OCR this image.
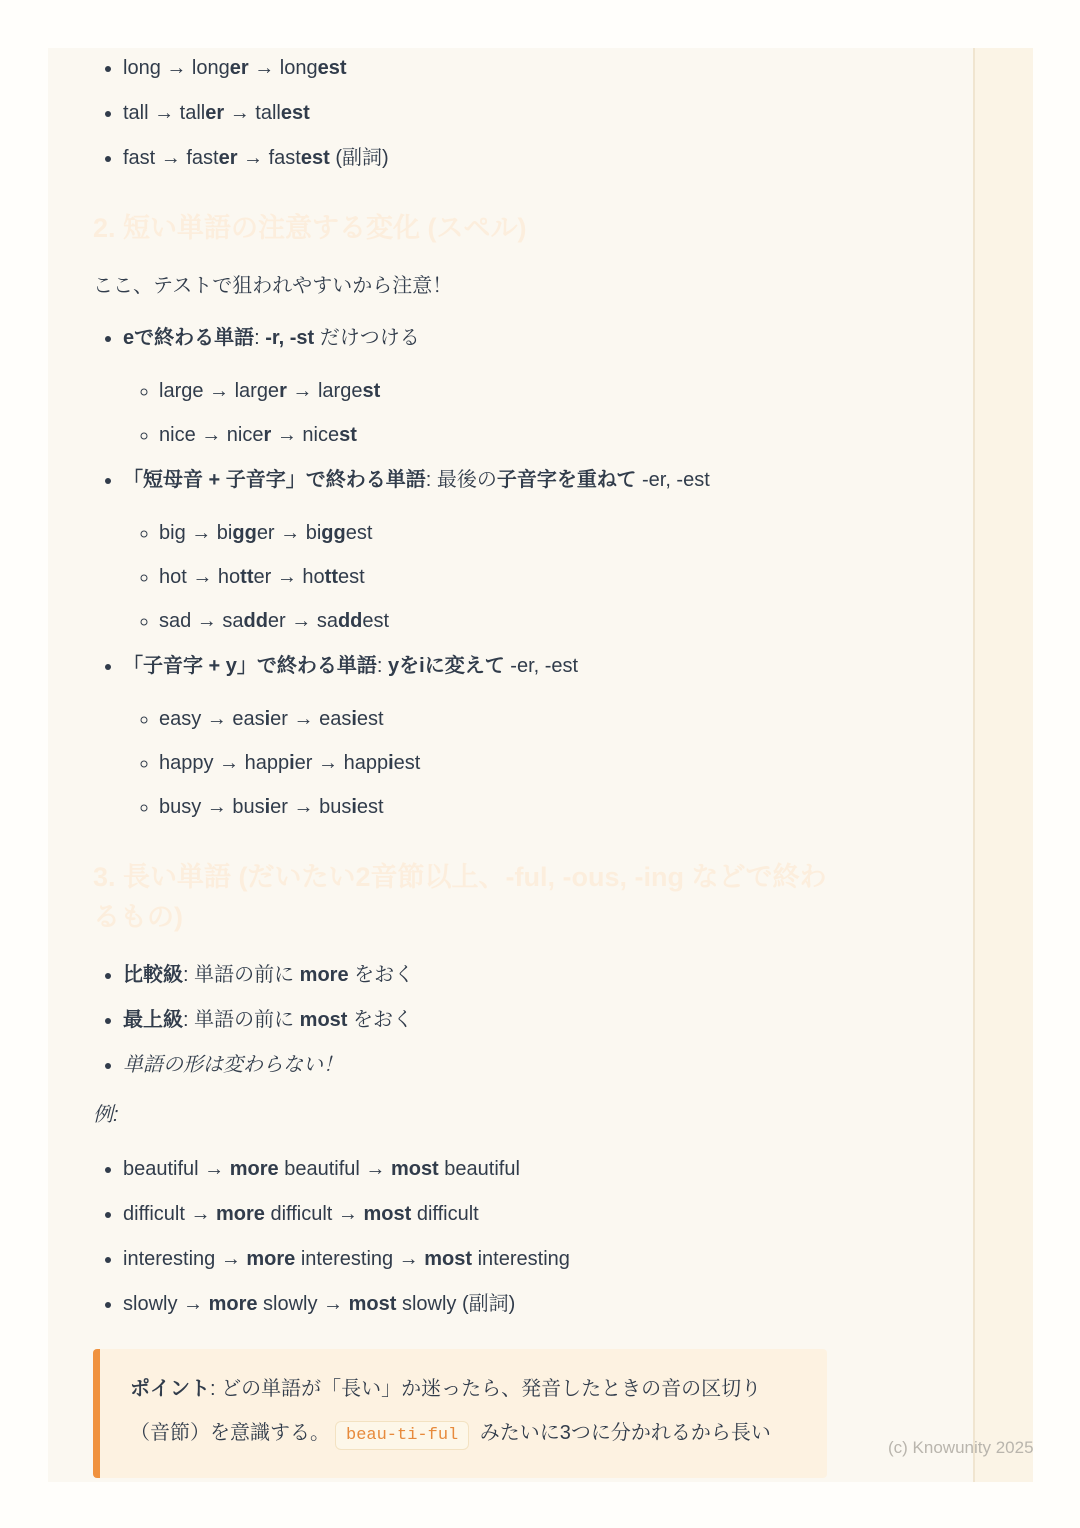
• long → longer → longest
• tall → taller → tallest
• fast → faster → fastest (副詞)
2. 短い単語の注意する変化 (スペル)

ここ、テストで狙われやすいから注意！

• eで終わる単語: -r, -st だけつける
◦ large → larger → largest
◦ nice → nicer → nicest
• 「短母音 + 子音字」で終わる単語: 最後の子音字を重ねて -er, -est
◦ big → bigger → biggest
◦ hot → hotter → hottest
◦ sad → sadder → saddest
• 「子音字 + y」で終わる単語: yをiに変えて -er, -est
◦ easy → easier → easiest
◦ happy → happier → happiest
◦ busy → busier → busiest
3. 長い単語 (だいたい2音節以上、-ful, -ous, -ing などで終わるもの)
• 比較級: 単語の前に more をおく
• 最上級: 単語の前に most をおく
• 単語の形は変わらない！

例:

• beautiful → more beautiful → most beautiful
• difficult → more difficult → most difficult
• interesting → more interesting → most interesting
• slowly → more slowly → most slowly (副詞)

ポイント: どの単語が「長い」か迷ったら、発音したときの音の区切り（音節）を意識する。 beau-ti-ful みたいに3つに分かれるから長い

(c) Knowunity 2025
